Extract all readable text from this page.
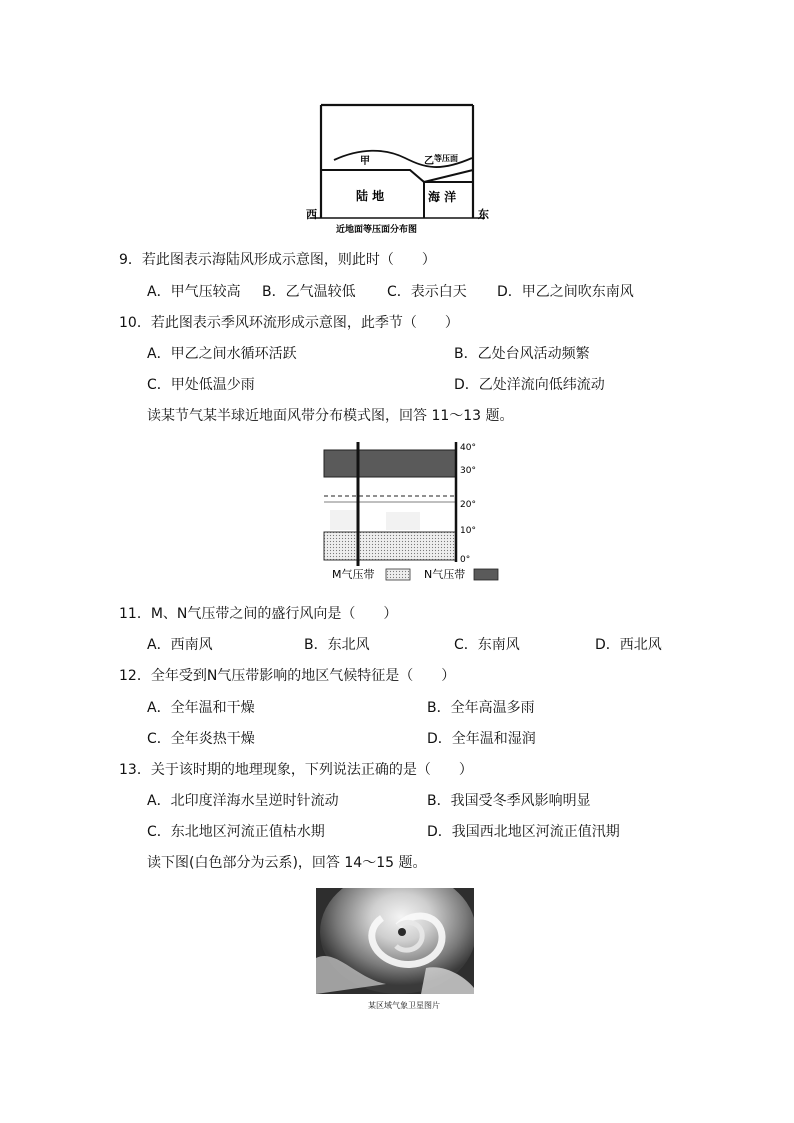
甲	乙 等压面
陆 地	海 洋
西	东
近地面等压面分布图
9．若此图表示海陆风形成示意图，则此时（　　）
A．甲气压较高 B．乙气温较低 C．表示白天 D．甲乙之间吹东南风
10．若此图表示季风环流形成示意图，此季节（　　）
A．甲乙之间水循环活跃	B．乙处台风活动频繁
C．甲处低温少雨	D．乙处洋流向低纬流动
读某节气某半球近地面风带分布模式图，回答 11～13 题。
40°
30°
20°
10°
0°
M气压带	N气压带
11．M、N气压带之间的盛行风向是（　　）
A．西南风	B．东北风	C．东南风	D．西北风
12．全年受到N气压带影响的地区气候特征是（　　）
A．全年温和干燥	B．全年高温多雨
C．全年炎热干燥	D．全年温和湿润
13．关于该时期的地理现象，下列说法正确的是（　　）
A．北印度洋海水呈逆时针流动	B．我国受冬季风影响明显
C．东北地区河流正值枯水期	D．我国西北地区河流正值汛期
读下图(白色部分为云系)，回答 14～15 题。
某区域气象卫星图片
